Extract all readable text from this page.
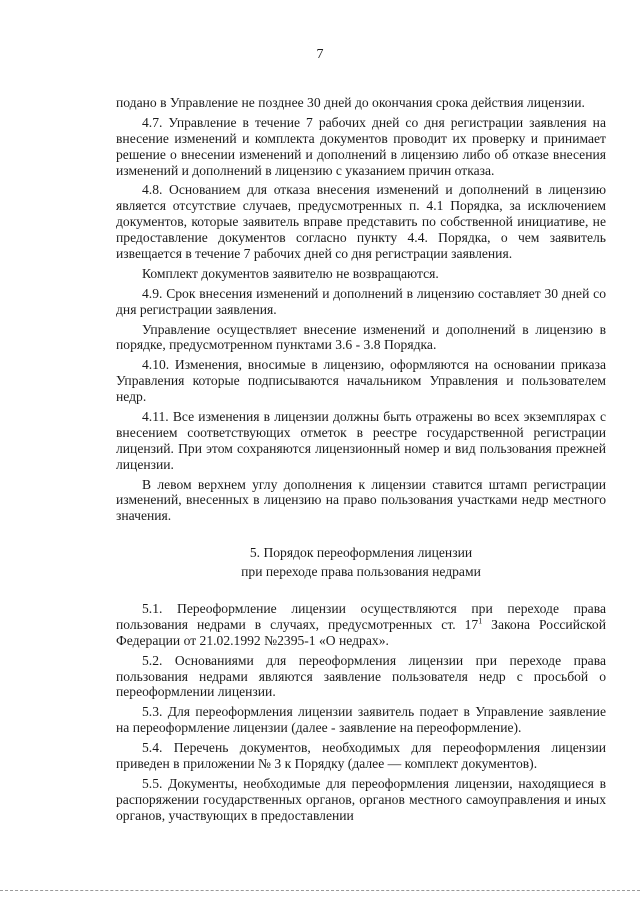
7

подано в Управление не позднее 30 дней до окончания срока действия лицензии.

4.7. Управление в течение 7 рабочих дней со дня регистрации заявления на внесение изменений и комплекта документов проводит их проверку и принимает решение о внесении изменений и дополнений в лицензию либо об отказе внесения изменений и дополнений в лицензию с указанием причин отказа.

4.8. Основанием для отказа внесения изменений и дополнений в лицензию является отсутствие случаев, предусмотренных п. 4.1 Порядка, за исключением документов, которые заявитель вправе представить по собственной инициативе, не предоставление документов согласно пункту 4.4. Порядка, о чем заявитель извещается в течение 7 рабочих дней со дня регистрации заявления.

Комплект документов заявителю не возвращаются.

4.9. Срок внесения изменений и дополнений в лицензию составляет 30 дней со дня регистрации заявления.

Управление осуществляет внесение изменений и дополнений в лицензию в порядке, предусмотренном пунктами 3.6 - 3.8 Порядка.

4.10. Изменения, вносимые в лицензию, оформляются на основании приказа Управления которые подписываются начальником Управления и пользователем недр.

4.11. Все изменения в лицензии должны быть отражены во всех экземплярах с внесением соответствующих отметок в реестре государственной регистрации лицензий. При этом сохраняются лицензионный номер и вид пользования прежней лицензии.

В левом верхнем углу дополнения к лицензии ставится штамп регистрации изменений, внесенных в лицензию на право пользования участками недр местного значения.

5. Порядок переоформления лицензии
при переходе права пользования недрами

5.1. Переоформление лицензии осуществляются при переходе права пользования недрами в случаях, предусмотренных ст. $17^1$ Закона Российской Федерации от 21.02.1992 №2395-1 «О недрах».

5.2. Основаниями для переоформления лицензии при переходе права пользования недрами являются заявление пользователя недр с просьбой о переоформлении лицензии.

5.3. Для переоформления лицензии заявитель подает в Управление заявление на переоформление лицензии (далее - заявление на переоформление).

5.4. Перечень документов, необходимых для переоформления лицензии приведен в приложении № 3 к Порядку (далее — комплект документов).

5.5. Документы, необходимые для переоформления лицензии, находящиеся в распоряжении государственных органов, органов местного самоуправления и иных органов, участвующих в предоставлении
